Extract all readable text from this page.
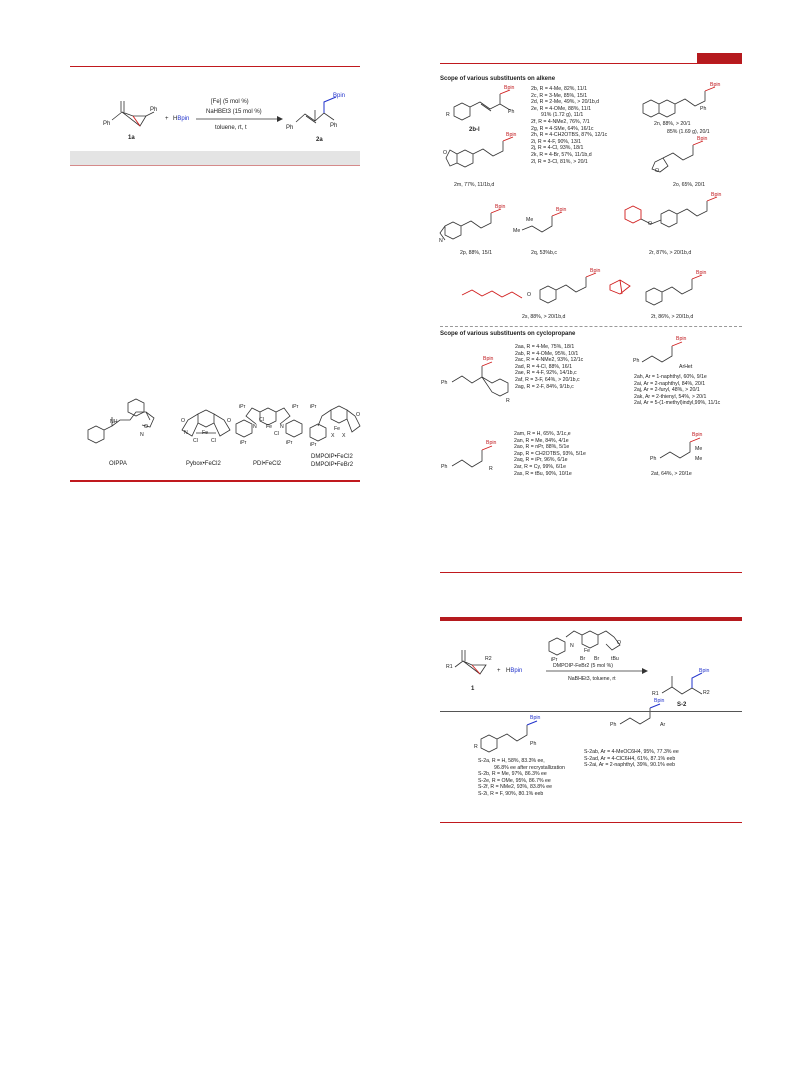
Ph
Ph
1a
+ HBpin
[Fe] (5 mol %)
NaHBEt3 (15 mol %)
toluene, rt, t	Ph	Ph
Bpin
2a
NH
O
N
OIPPA
N	Fe
Cl	Cl
O	O
Pybox•FeCl2
iPr	iPr
N Fe N
Cl
Cl
iPr	iPr
PDI•FeCl2
iPr
Fe
X X
O
iPr
DMPOIP•FeCl2
DMPOIP•FeBr2
Scope of various substituents on alkene
R
Bpin
Ph
2b-l
2b, R = 4-Me, 82%, 11/1
2c, R = 3-Me, 85%, 15/1
2d, R = 2-Me, 49%, > 20/1b,d
2e, R = 4-OMe, 88%, 11/1
91% (1.72 g), 11/1
2f, R = 4-NMe2, 76%, 7/1
2g, R = 4-SMe, 64%, 16/1c
2h, R = 4-CH2OTBS, 87%, 12/1c
2i, R = 4-F, 90%, 13/1
2j, R = 4-Cl, 93%, 18/1
2k, R = 4-Br, 57%, 11/1b,d
2l, R = 3-Cl, 81%, > 20/1
Bpin
Ph
2n, 88%, > 20/1
85% (1.69 g), 20/1
Bpin
O
2m, 77%, 11/1b,d
Bpin
O
2o, 65%, 20/1
Bpin
N
2p, 88%, 15/1
Bpin
Me
Me
2q, 53%b,c
Bpin
O
2r, 87%, > 20/1b,d
Bpin
O
2s, 88%, > 20/1b,d
Bpin
2t, 86%, > 20/1b,d
Scope of various substituents on cyclopropane
Bpin
Ph
R
2aa, R = 4-Me, 75%, 18/1
2ab, R = 4-OMe, 95%, 10/1
2ac, R = 4-NMe2, 93%, 12/1c
2ad, R = 4-Cl, 88%, 16/1
2ae, R = 4-F, 92%, 14/1b,c
2af, R = 3-F, 64%, > 20/1b,c
2ag, R = 2-F, 84%, 9/1b,c
Bpin
Ph
ArHet
2ah, Ar = 1-naphthyl, 60%, 9/1e
2ai, Ar = 2-naphthyl, 84%, 20/1
2aj, Ar = 2-furyl, 48%, > 20/1
2ak, Ar = 2-thienyl, 54%, > 20/1
2al, Ar = 5-(1-methyl)indyl,99%, 11/1c
Bpin
Ph	R
2am, R = H, 65%, 3/1c,e
2an, R = Me, 84%, 4/1e
2ao, R = nPr, 88%, 5/1e
2ap, R = CH2OTBS, 93%, 5/1e
2aq, R = iPr, 96%, 6/1e
2ar, R = Cy, 99%, 6/1e
2as, R = tBu, 90%, 10/1e
Bpin
Ph
Me
Me
2at, 64%, > 20/1e
R1
R2
1
+ HBpin
N
Fe
O
Br Br tBu
iPr
DMPOIP-FeBr2 (5 mol %)
NaBHEt3, toluene, rt
Bpin
R1	R2
S-2
Bpin
R	Ph
S-2a, R = H, 58%, 83.3% ee,
96.8% ee after recrystallization
S-2b, R = Me, 97%, 86.3% ee
S-2e, R = OMe, 95%, 86.7% ee
S-2f, R = NMe2, 93%, 83.8% ee
S-2i, R = F, 90%, 80.1% eeb
Bpin
Ph	Ar
S-2ab, Ar = 4-MeOC6H4, 95%, 77.3% ee
S-2ad, Ar = 4-ClC6H4, 61%, 87.1% eeb
S-2ai, Ar = 2-naphthyl, 39%, 90.1% eeb
